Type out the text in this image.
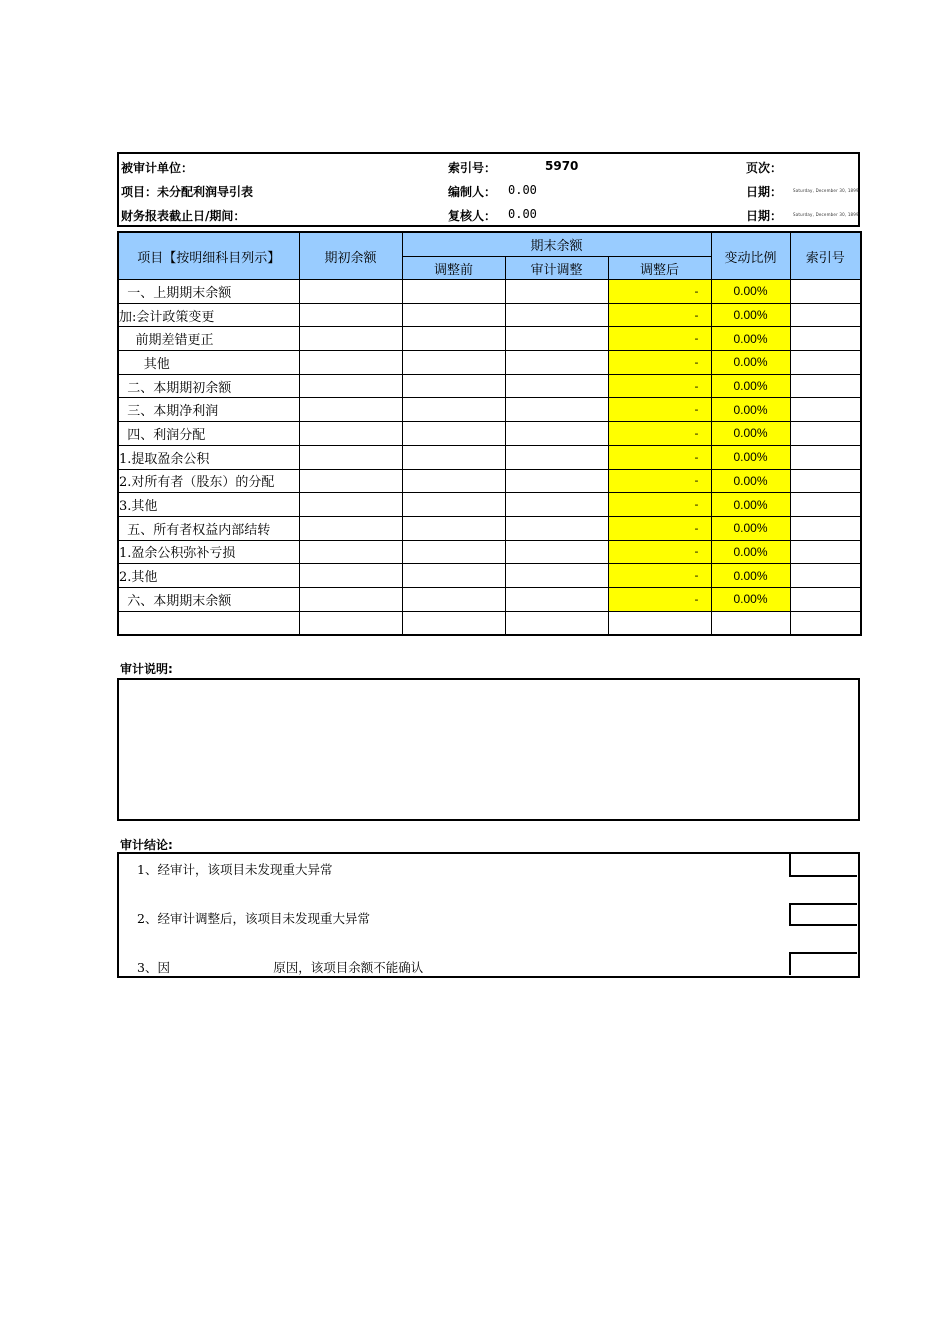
被审计单位：	索引号：	5970	页次：
项目：未分配利润导引表	编制人： 0.00	日期：	Saturday, December 30, 1899
财务报表截止日/期间：	复核人： 0.00	日期：	Saturday, December 30, 1899
项目【按明细科目列示】	期初余额	期末余额			变动比例	索引号
		调整前	审计调整	调整后		
一、上期期末余额				-	0.00%	
加:会计政策变更				-	0.00%	
前期差错更正				-	0.00%	
其他				-	0.00%	
二、本期期初余额				-	0.00%	
三、本期净利润				-	0.00%	
四、利润分配				-	0.00%	
1.提取盈余公积				-	0.00%	
2.对所有者（股东）的分配				-	0.00%	
3.其他				-	0.00%	
五、所有者权益内部结转				-	0.00%	
1.盈余公积弥补亏损				-	0.00%	
2.其他				-	0.00%	
六、本期期末余额				-	0.00%	

审计说明:
审计结论:
1、经审计，该项目未发现重大异常
2、经审计调整后，该项目未发现重大异常
3、因                          原因，该项目余额不能确认
